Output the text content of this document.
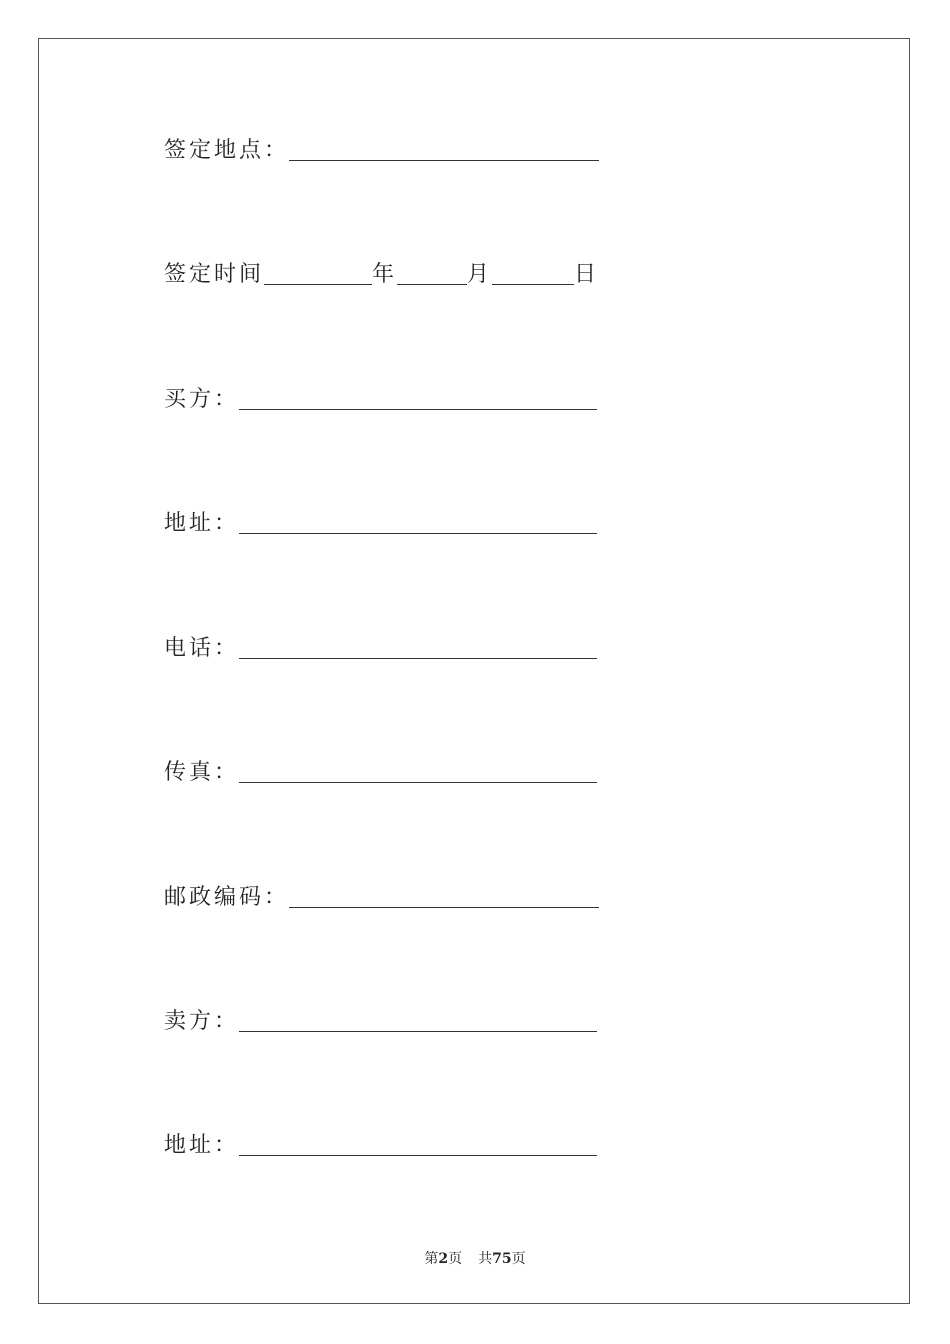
签定地点：
签定时间	年	月	日
买方：
地址：
电话：
传真：
邮政编码：
卖方：
地址：
第2页 共75页
